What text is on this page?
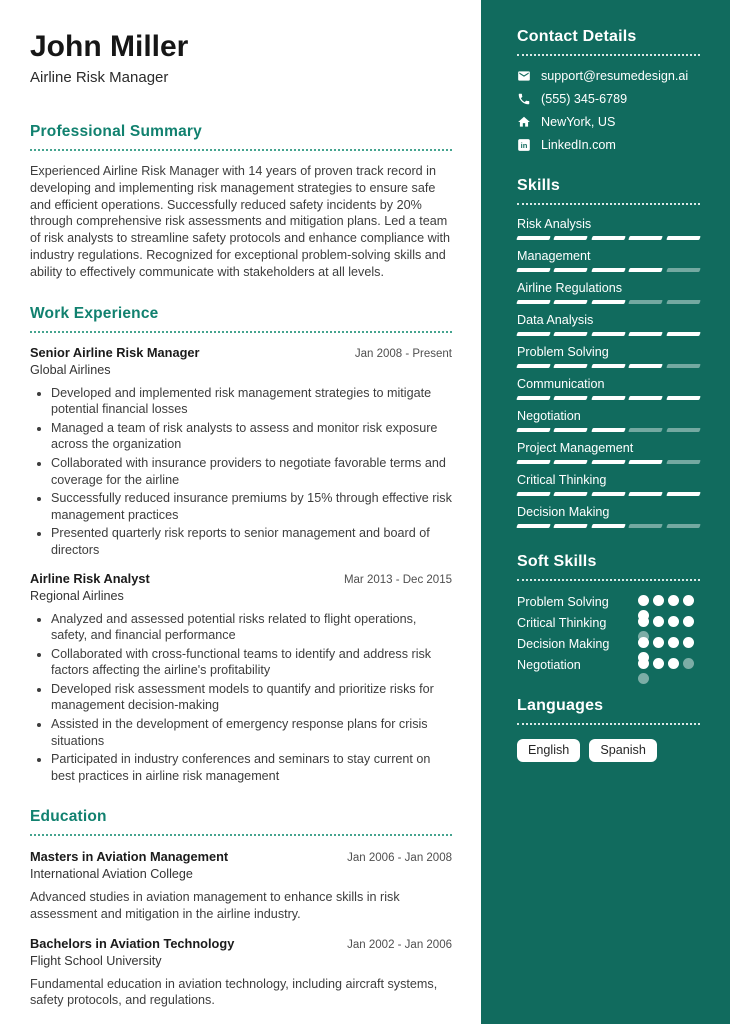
John Miller
Airline Risk Manager
Professional Summary
Experienced Airline Risk Manager with 14 years of proven track record in developing and implementing risk management strategies to ensure safe and efficient operations. Successfully reduced safety incidents by 20% through comprehensive risk assessments and mitigation plans. Led a team of risk analysts to streamline safety protocols and enhance compliance with industry regulations. Recognized for exceptional problem-solving skills and ability to effectively communicate with stakeholders at all levels.
Work Experience
Senior Airline Risk Manager	Jan 2008 - Present
Global Airlines
• Developed and implemented risk management strategies to mitigate potential financial losses
• Managed a team of risk analysts to assess and monitor risk exposure across the organization
• Collaborated with insurance providers to negotiate favorable terms and coverage for the airline
• Successfully reduced insurance premiums by 15% through effective risk management practices
• Presented quarterly risk reports to senior management and board of directors
Airline Risk Analyst	Mar 2013 - Dec 2015
Regional Airlines
• Analyzed and assessed potential risks related to flight operations, safety, and financial performance
• Collaborated with cross-functional teams to identify and address risk factors affecting the airline's profitability
• Developed risk assessment models to quantify and prioritize risks for management decision-making
• Assisted in the development of emergency response plans for crisis situations
• Participated in industry conferences and seminars to stay current on best practices in airline risk management
Education
Masters in Aviation Management	Jan 2006 - Jan 2008
International Aviation College
Advanced studies in aviation management to enhance skills in risk assessment and mitigation in the airline industry.
Bachelors in Aviation Technology	Jan 2002 - Jan 2006
Flight School University
Fundamental education in aviation technology, including aircraft systems, safety protocols, and regulations.
Contact Details
support@resumedesign.ai
(555) 345-6789
NewYork, US
in LinkedIn.com
Skills
Risk Analysis
Management
Airline Regulations
Data Analysis
Problem Solving
Communication
Negotiation
Project Management
Critical Thinking
Decision Making
Soft Skills
Problem Solving
Critical Thinking
Decision Making
Negotiation
Languages
English	Spanish
